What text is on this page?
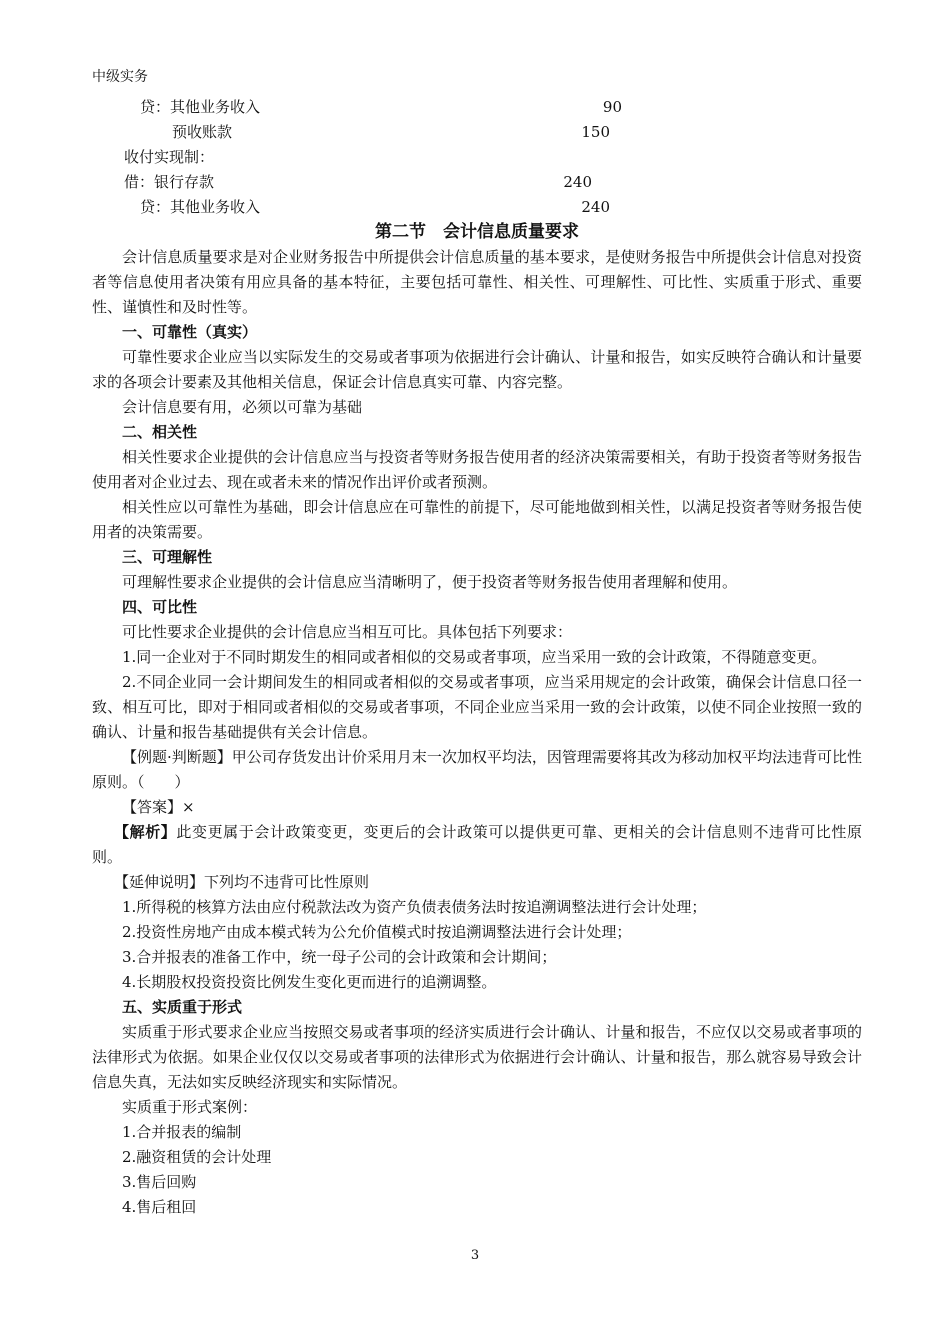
中级实务
贷：其他业务收入	90
预收账款	150
收付实现制：
借：银行存款	240
贷：其他业务收入	240
第二节　会计信息质量要求

会计信息质量要求是对企业财务报告中所提供会计信息质量的基本要求，是使财务报告中所提供会计信息对投资者等信息使用者决策有用应具备的基本特征，主要包括可靠性、相关性、可理解性、可比性、实质重于形式、重要性、谨慎性和及时性等。

一、可靠性（真实）

可靠性要求企业应当以实际发生的交易或者事项为依据进行会计确认、计量和报告，如实反映符合确认和计量要求的各项会计要素及其他相关信息，保证会计信息真实可靠、内容完整。

会计信息要有用，必须以可靠为基础

二、相关性

相关性要求企业提供的会计信息应当与投资者等财务报告使用者的经济决策需要相关，有助于投资者等财务报告使用者对企业过去、现在或者未来的情况作出评价或者预测。

相关性应以可靠性为基础，即会计信息应在可靠性的前提下，尽可能地做到相关性，以满足投资者等财务报告使用者的决策需要。

三、可理解性

可理解性要求企业提供的会计信息应当清晰明了，便于投资者等财务报告使用者理解和使用。

四、可比性

可比性要求企业提供的会计信息应当相互可比。具体包括下列要求：

1.同一企业对于不同时期发生的相同或者相似的交易或者事项，应当采用一致的会计政策，不得随意变更。

2.不同企业同一会计期间发生的相同或者相似的交易或者事项，应当采用规定的会计政策，确保会计信息口径一致、相互可比，即对于相同或者相似的交易或者事项，不同企业应当采用一致的会计政策，以使不同企业按照一致的确认、计量和报告基础提供有关会计信息。

【例题·判断题】甲公司存货发出计价采用月末一次加权平均法，因管理需要将其改为移动加权平均法违背可比性原则。（　　）

【答案】×

【解析】此变更属于会计政策变更，变更后的会计政策可以提供更可靠、更相关的会计信息则不违背可比性原则。

【延伸说明】下列均不违背可比性原则

1.所得税的核算方法由应付税款法改为资产负债表债务法时按追溯调整法进行会计处理；

2.投资性房地产由成本模式转为公允价值模式时按追溯调整法进行会计处理；

3.合并报表的准备工作中，统一母子公司的会计政策和会计期间；

4.长期股权投资投资比例发生变化更而进行的追溯调整。

五、实质重于形式

实质重于形式要求企业应当按照交易或者事项的经济实质进行会计确认、计量和报告，不应仅以交易或者事项的法律形式为依据。如果企业仅仅以交易或者事项的法律形式为依据进行会计确认、计量和报告，那么就容易导致会计信息失真，无法如实反映经济现实和实际情况。

实质重于形式案例：

1.合并报表的编制

2.融资租赁的会计处理

3.售后回购

4.售后租回

3
